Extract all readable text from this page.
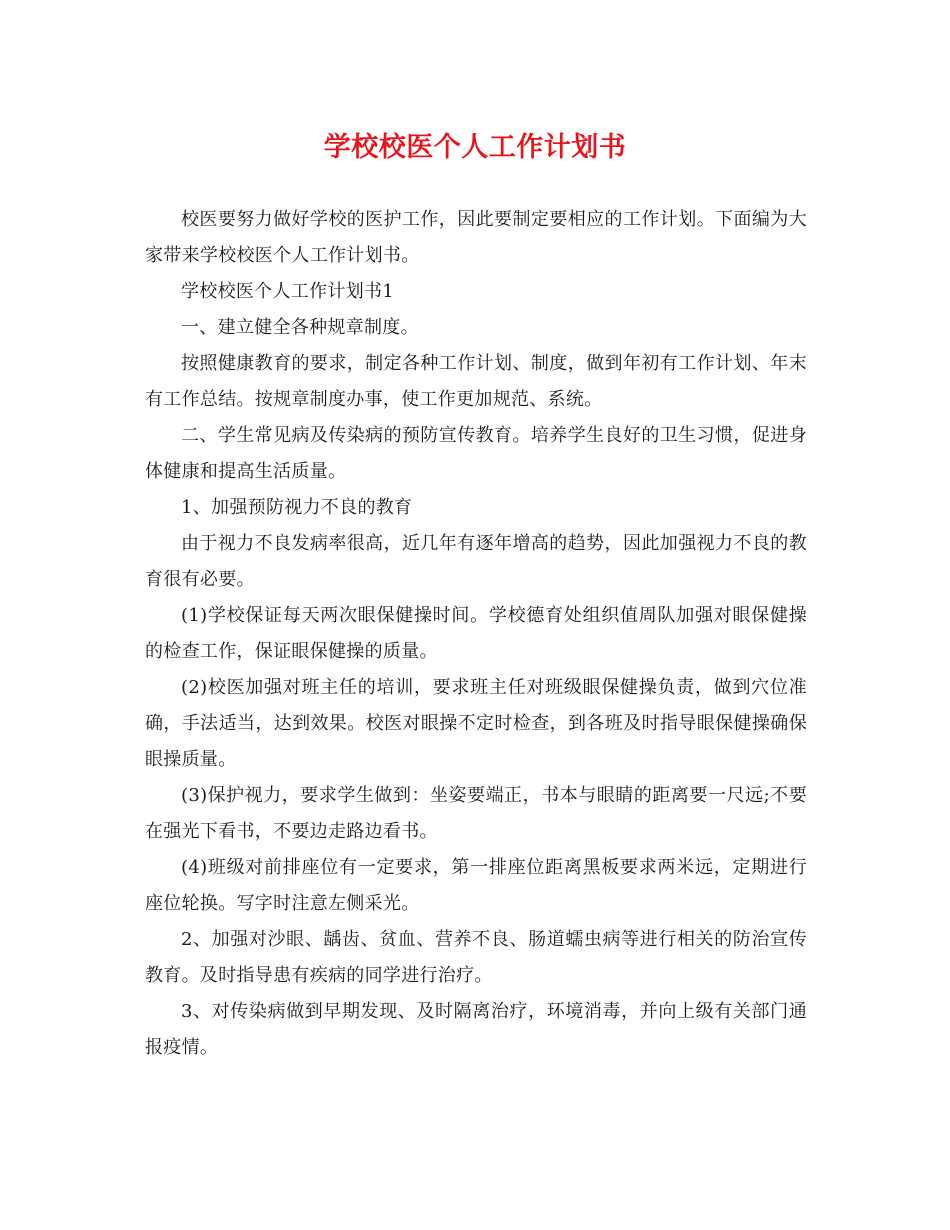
学校校医个人工作计划书

校医要努力做好学校的医护工作，因此要制定要相应的工作计划。下面编为大家带来学校校医个人工作计划书。

学校校医个人工作计划书1

一、建立健全各种规章制度。

按照健康教育的要求，制定各种工作计划、制度，做到年初有工作计划、年末有工作总结。按规章制度办事，使工作更加规范、系统。

二、学生常见病及传染病的预防宣传教育。培养学生良好的卫生习惯，促进身体健康和提高生活质量。

1、加强预防视力不良的教育

由于视力不良发病率很高，近几年有逐年增高的趋势，因此加强视力不良的教育很有必要。

(1)学校保证每天两次眼保健操时间。学校德育处组织值周队加强对眼保健操的检查工作，保证眼保健操的质量。

(2)校医加强对班主任的培训，要求班主任对班级眼保健操负责，做到穴位准确，手法适当，达到效果。校医对眼操不定时检查，到各班及时指导眼保健操确保眼操质量。

(3)保护视力，要求学生做到：坐姿要端正，书本与眼睛的距离要一尺远;不要在强光下看书，不要边走路边看书。

(4)班级对前排座位有一定要求，第一排座位距离黑板要求两米远，定期进行座位轮换。写字时注意左侧采光。

2、加强对沙眼、龋齿、贫血、营养不良、肠道蠕虫病等进行相关的防治宣传教育。及时指导患有疾病的同学进行治疗。

3、对传染病做到早期发现、及时隔离治疗，环境消毒，并向上级有关部门通报疫情。
